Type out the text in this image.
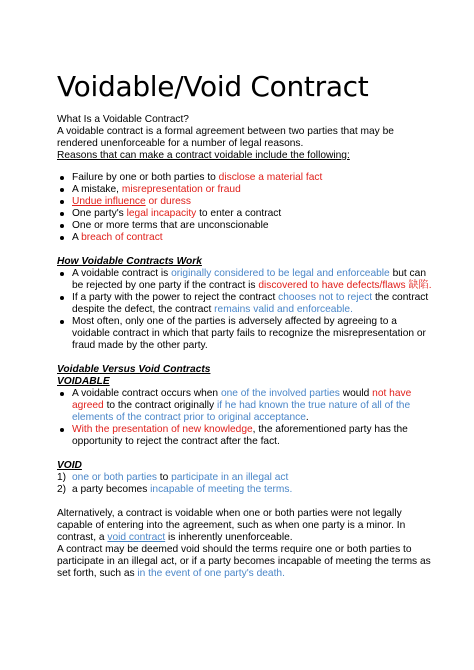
Voidable/Void Contract

What Is a Voidable Contract?

A voidable contract is a formal agreement between two parties that may be rendered unenforceable for a number of legal reasons.

Reasons that can make a contract voidable include the following:

Failure by one or both parties to disclose a material fact
A mistake, misrepresentation or fraud
Undue influence or duress
One party's legal incapacity to enter a contract
One or more terms that are unconscionable
A breach of contract

How Voidable Contracts Work

A voidable contract is originally considered to be legal and enforceable but can be rejected by one party if the contract is discovered to have defects/flaws 缺陷.
If a party with the power to reject the contract chooses not to reject the contract despite the defect, the contract remains valid and enforceable.
Most often, only one of the parties is adversely affected by agreeing to a voidable contract in which that party fails to recognize the misrepresentation or fraud made by the other party.

Voidable Versus Void Contracts

VOIDABLE

A voidable contract occurs when one of the involved parties would not have agreed to the contract originally if he had known the true nature of all of the elements of the contract prior to original acceptance.
With the presentation of new knowledge, the aforementioned party has the opportunity to reject the contract after the fact.

VOID

1) one or both parties to participate in an illegal act
2) a party becomes incapable of meeting the terms.

Alternatively, a contract is voidable when one or both parties were not legally capable of entering into the agreement, such as when one party is a minor. In contrast, a void contract is inherently unenforceable.

A contract may be deemed void should the terms require one or both parties to participate in an illegal act, or if a party becomes incapable of meeting the terms as set forth, such as in the event of one party's death.
